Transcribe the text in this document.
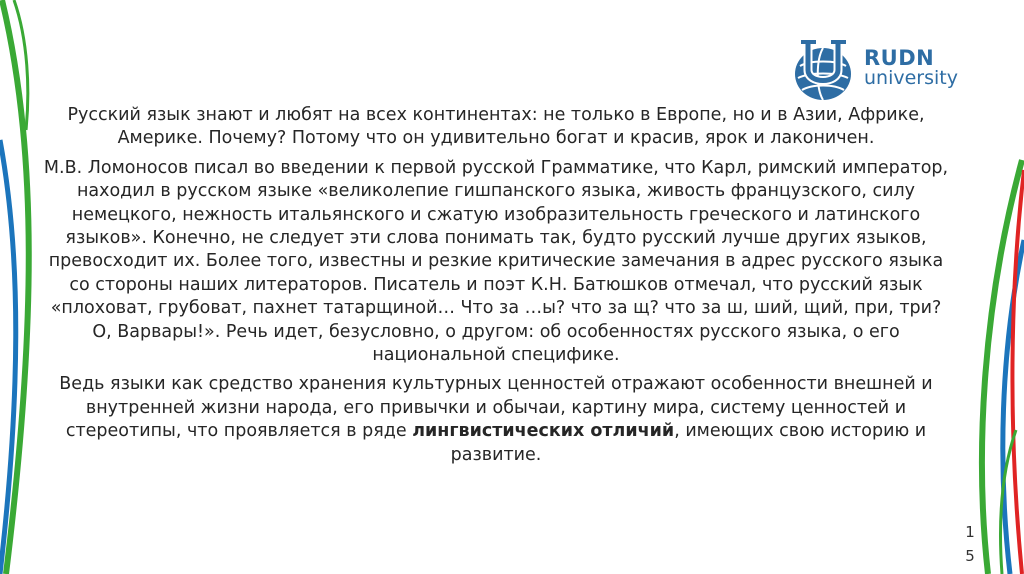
RUDN
university

Русский язык знают и любят на всех континентах: не только в Европе, но и в Азии, Африке, Америке. Почему? Потому что он удивительно богат и красив, ярок и лаконичен.

М.В. Ломоносов писал во введении к первой русской Грамматике, что Карл, римский император, находил в русском языке «великолепие гишпанского языка, живость французского, силу немецкого, нежность итальянского и сжатую изобразительность греческого и латинского языков». Конечно, не следует эти слова понимать так, будто русский лучше других языков, превосходит их. Более того, известны и резкие критические замечания в адрес русского языка со стороны наших литераторов. Писатель и поэт К.Н. Батюшков отмечал, что русский язык «плоховат, грубоват, пахнет татарщиной… Что за …ы? что за щ? что за ш, ший, щий, при, три? О, Варвары!». Речь идет, безусловно, о другом: об особенностях русского языка, о его национальной специфике.

Ведь языки как средство хранения культурных ценностей отражают особенности внешней и внутренней жизни народа, его привычки и обычаи, картину мира, систему ценностей и стереотипы, что проявляется в ряде лингвистических отличий, имеющих свою историю и развитие.

1
5
